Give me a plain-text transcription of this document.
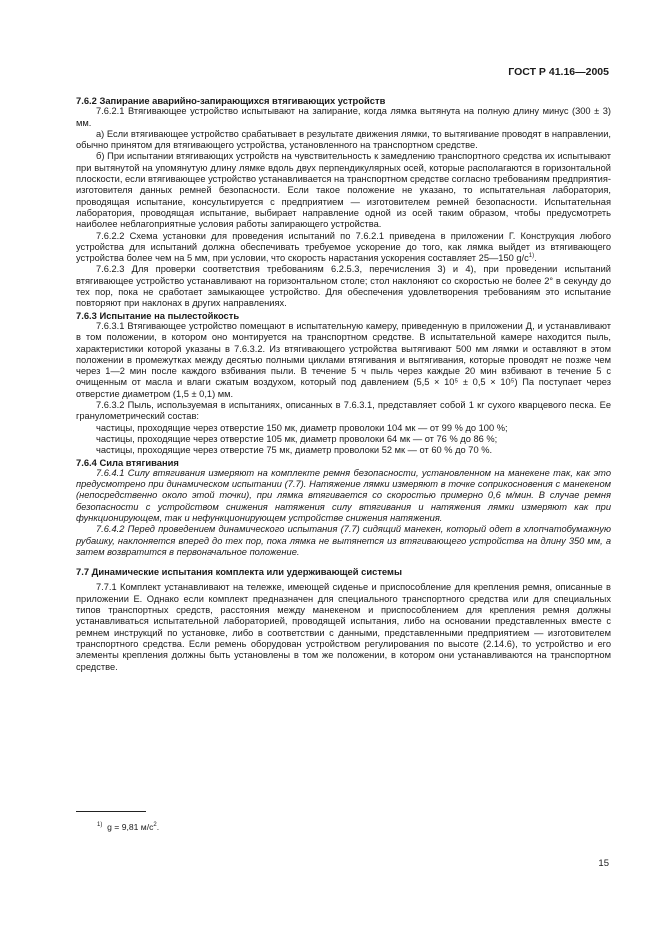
ГОСТ Р 41.16—2005
7.6.2 Запирание аварийно-запирающихся втягивающих устройств

7.6.2.1 Втягивающее устройство испытывают на запирание, когда лямка вытянута на полную длину минус (300 ± 3) мм.

а) Если втягивающее устройство срабатывает в результате движения лямки, то вытягивание проводят в направлении, обычно принятом для втягивающего устройства, установленного на транспортном средстве.

б) При испытании втягивающих устройств на чувствительность к замедлению транспортного средства их испытывают при вытянутой на упомянутую длину лямке вдоль двух перпендикулярных осей, которые располагаются в горизонтальной плоскости, если втягивающее устройство устанавливается на транспортном средстве согласно требованиям предприятия-изготовителя данных ремней безопасности. Если такое положение не указано, то испытательная лаборатория, проводящая испытание, консультируется с предприятием — изготовителем ремней безопасности. Испытательная лаборатория, проводящая испытание, выбирает направление одной из осей таким образом, чтобы предусмотреть наиболее неблагоприятные условия работы запирающего устройства.

7.6.2.2 Схема установки для проведения испытаний по 7.6.2.1 приведена в приложении Г. Конструкция любого устройства для испытаний должна обеспечивать требуемое ускорение до того, как лямка выйдет из втягивающего устройства более чем на 5 мм, при условии, что скорость нарастания ускорения составляет 25—150 $g/с^{1)}$.

7.6.2.3 Для проверки соответствия требованиям 6.2.5.3, перечисления 3) и 4), при проведении испытаний втягивающее устройство устанавливают на горизонтальном столе; стол наклоняют со скоростью не более 2° в секунду до тех пор, пока не сработает замыкающее устройство. Для обеспечения удовлетворения требованиям это испытание повторяют при наклонах в других направлениях.

7.6.3 Испытание на пылестойкость

7.6.3.1 Втягивающее устройство помещают в испытательную камеру, приведенную в приложении Д, и устанавливают в том положении, в котором оно монтируется на транспортном средстве. В испытательной камере находится пыль, характеристики которой указаны в 7.6.3.2. Из втягивающего устройства вытягивают 500 мм лямки и оставляют в этом положении в промежутках между десятью полными циклами втягивания и вытягивания, которые проводят не позже чем через 1—2 мин после каждого взбивания пыли. В течение 5 ч пыль через каждые 20 мин взбивают в течение 5 с очищенным от масла и влаги сжатым воздухом, который под давлением (5,5 × 10⁵ ± 0,5 × 10⁵) Па поступает через отверстие диаметром (1,5 ± 0,1) мм.

7.6.3.2 Пыль, используемая в испытаниях, описанных в 7.6.3.1, представляет собой 1 кг сухого кварцевого песка. Ее гранулометрический состав:

частицы, проходящие через отверстие 150 мк, диаметр проволоки 104 мк — от 99 % до 100 %;

частицы, проходящие через отверстие 105 мк, диаметр проволоки 64 мк — от 76 % до 86 %;

частицы, проходящие через отверстие 75 мк, диаметр проволоки 52 мк — от 60 % до 70 %.

7.6.4 Сила втягивания

7.6.4.1 Силу втягивания измеряют на комплекте ремня безопасности, установленном на манекене так, как это предусмотрено при динамическом испытании (7.7). Натяжение лямки измеряют в точке соприкосновения с манекеном (непосредственно около этой точки), при лямка втягивается со скоростью примерно 0,6 м/мин. В случае ремня безопасности с устройством снижения натяжения силу втягивания и натяжения лямки измеряют как при функционирующем, так и нефункционирующем устройстве снижения натяжения.

7.6.4.2 Перед проведением динамического испытания (7.7) сидящий манекен, который одет в хлопчатобумажную рубашку, наклоняется вперед до тех пор, пока лямка не вытянется из втягивающего устройства на длину 350 мм, а затем возвратится в первоначальное положение.

7.7 Динамические испытания комплекта или удерживающей системы

7.7.1 Комплект устанавливают на тележке, имеющей сиденье и приспособление для крепления ремня, описанные в приложении Е. Однако если комплект предназначен для специального транспортного средства или для специальных типов транспортных средств, расстояния между манекеном и приспособлением для крепления ремня должны устанавливаться испытательной лабораторией, проводящей испытания, либо на основании представленных вместе с ремнем инструкций по установке, либо в соответствии с данными, представленными предприятием — изготовителем транспортного средства. Если ремень оборудован устройством регулирования по высоте (2.14.6), то устройство и его элементы крепления должны быть установлены в том же положении, в котором они устанавливаются на транспортном средстве.

$^{1)}$ g = 9,81 $м/с^2$.
15
